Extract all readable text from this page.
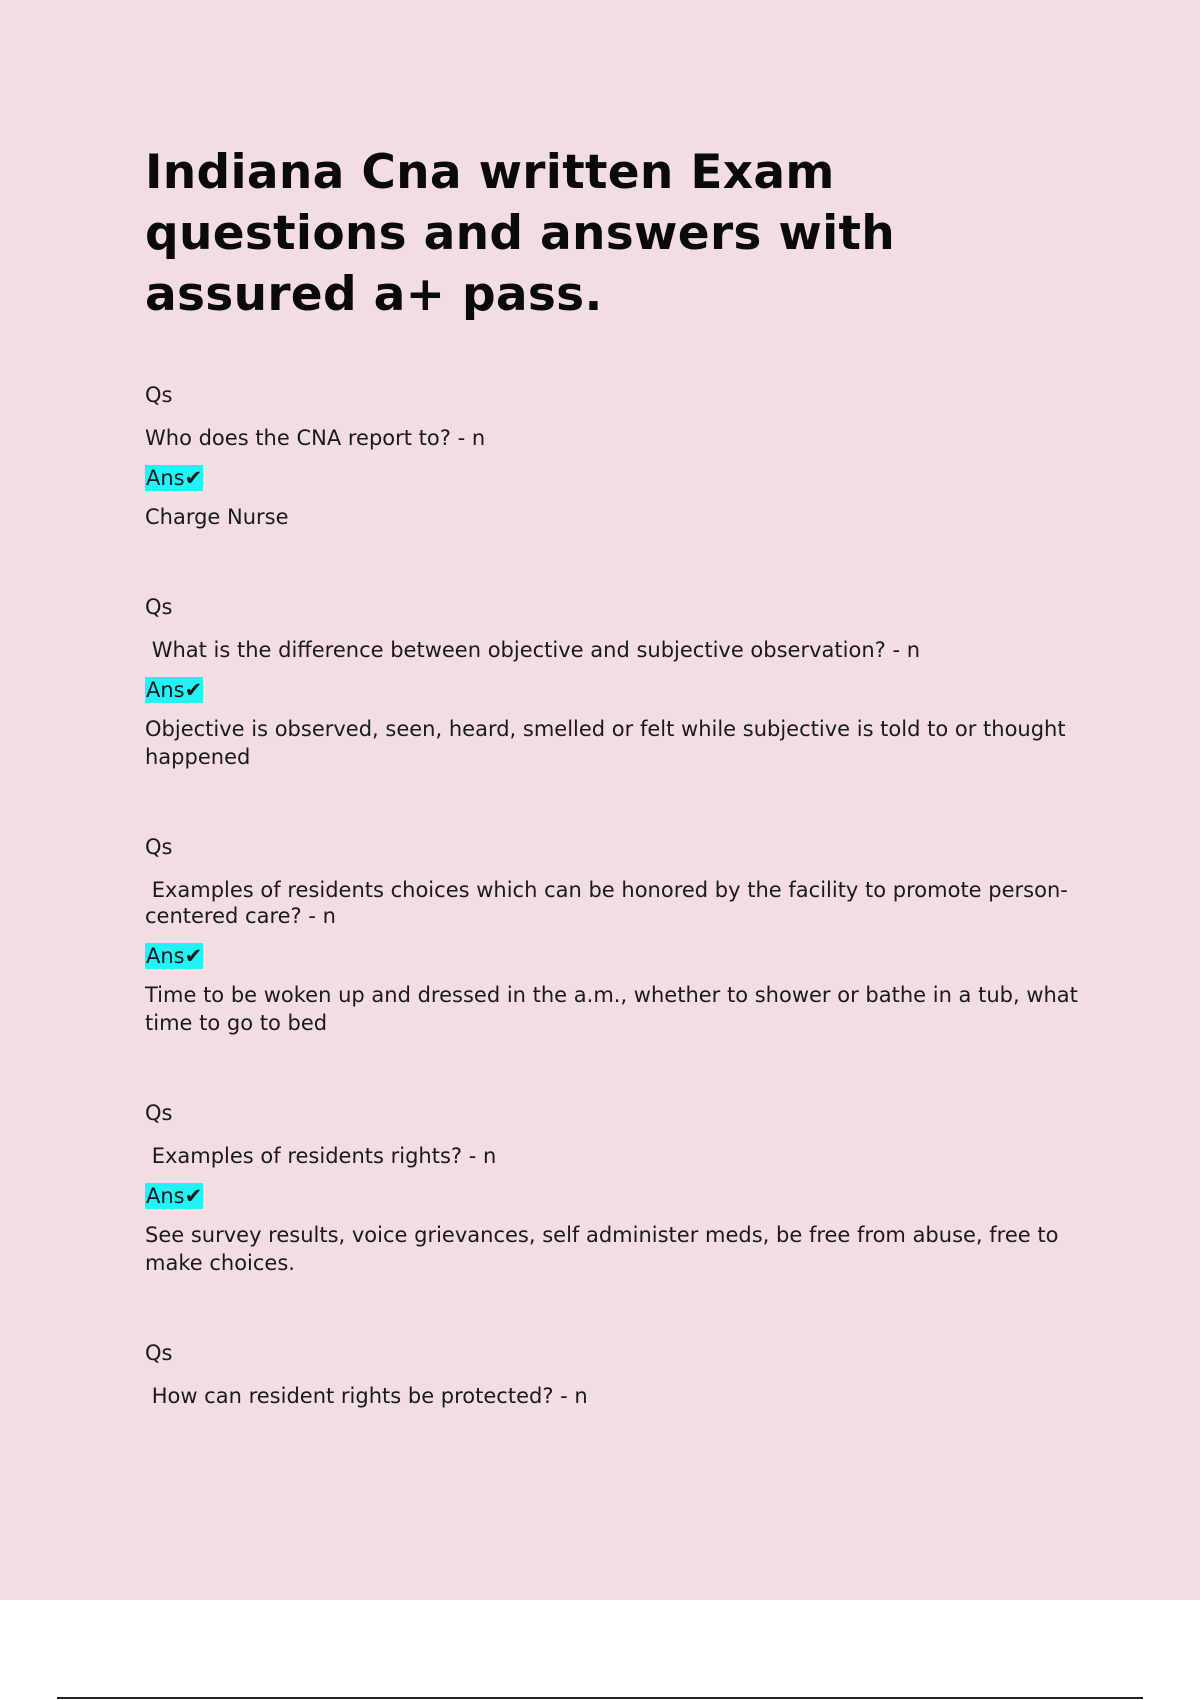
Indiana Cna written Exam questions and answers with assured a+ pass.
Qs
Who does the CNA report to? - n
Ans✔
Charge Nurse
Qs
What is the difference between objective and subjective observation? - n
Ans✔
Objective is observed, seen, heard, smelled or felt while subjective is told to or thought happened
Qs
Examples of residents choices which can be honored by the facility to promote person-centered care? - n
Ans✔
Time to be woken up and dressed in the a.m., whether to shower or bathe in a tub, what time to go to bed
Qs
Examples of residents rights? - n
Ans✔
See survey results, voice grievances, self administer meds, be free from abuse, free to make choices.
Qs
How can resident rights be protected? - n
